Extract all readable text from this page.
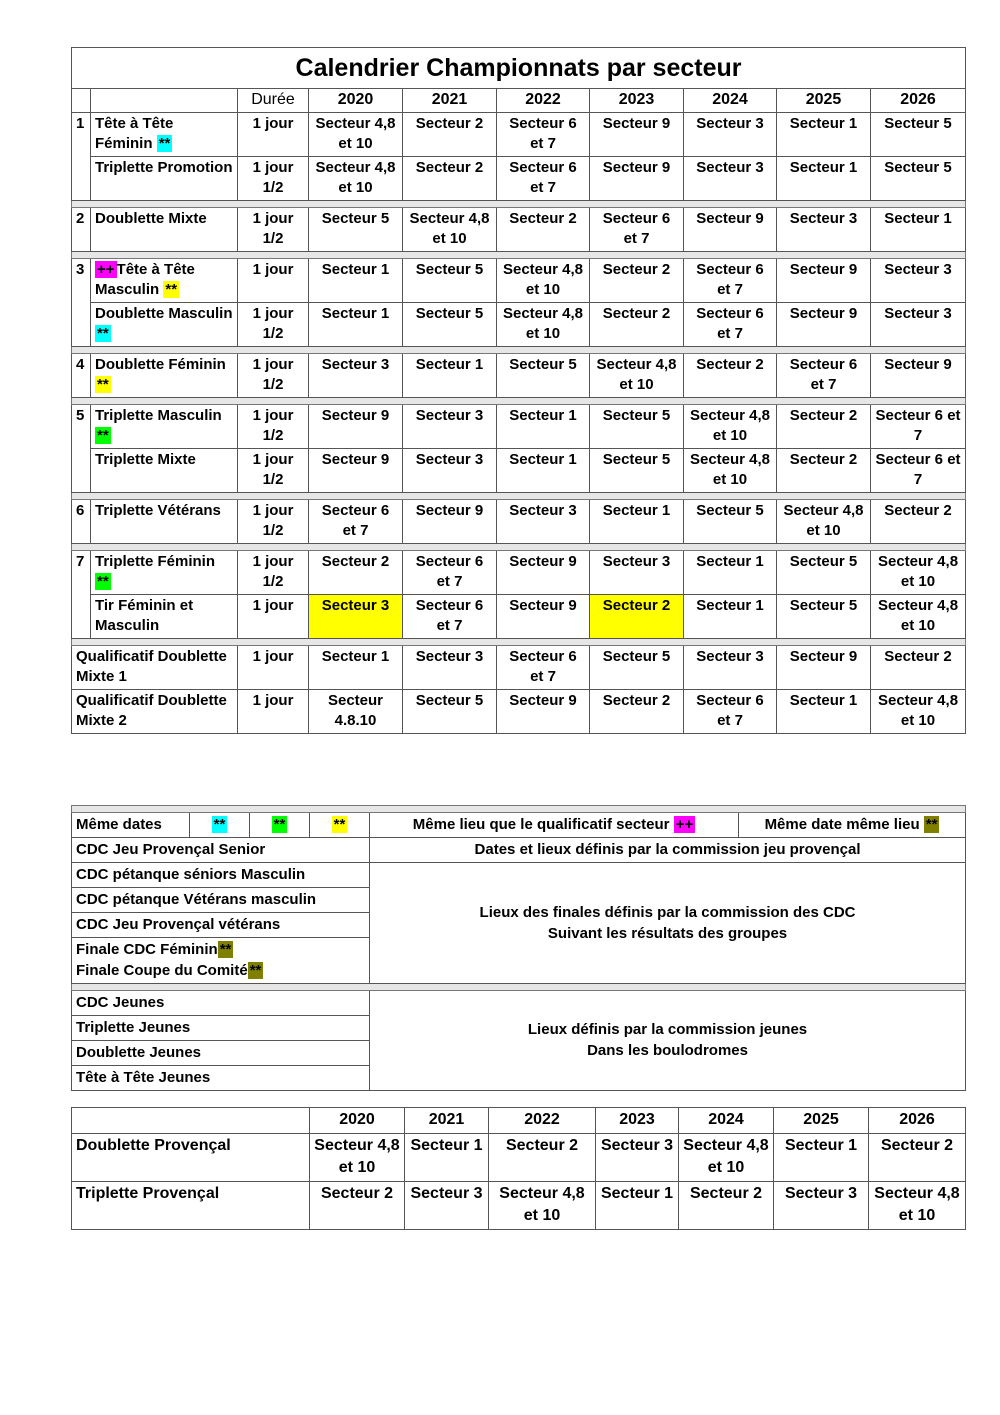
Calendrier Championnats par secteur									
		Durée	2020	2021	2022	2023	2024	2025	2026
1	Tête à Tête Féminin **	1 jour	Secteur 4,8 et 10	Secteur 2	Secteur 6 et 7	Secteur 9	Secteur 3	Secteur 1	Secteur 5
	Triplette Promotion	1 jour 1/2	Secteur 4,8 et 10	Secteur 2	Secteur 6 et 7	Secteur 9	Secteur 3	Secteur 1	Secteur 5

2	Doublette Mixte	1 jour 1/2	Secteur 5	Secteur 4,8 et 10	Secteur 2	Secteur 6 et 7	Secteur 9	Secteur 3	Secteur 1

3	++ Tête à Tête Masculin **	1 jour	Secteur 1	Secteur 5	Secteur 4,8 et 10	Secteur 2	Secteur 6 et 7	Secteur 9	Secteur 3
	Doublette Masculin **	1 jour 1/2	Secteur 1	Secteur 5	Secteur 4,8 et 10	Secteur 2	Secteur 6 et 7	Secteur 9	Secteur 3

4	Doublette Féminin **	1 jour 1/2	Secteur 3	Secteur 1	Secteur 5	Secteur 4,8 et 10	Secteur 2	Secteur 6 et 7	Secteur 9

5	Triplette Masculin **	1 jour 1/2	Secteur 9	Secteur 3	Secteur 1	Secteur 5	Secteur 4,8 et 10	Secteur 2	Secteur 6 et 7
	Triplette Mixte	1 jour 1/2	Secteur 9	Secteur 3	Secteur 1	Secteur 5	Secteur 4,8 et 10	Secteur 2	Secteur 6 et 7

6	Triplette Vétérans	1 jour 1/2	Secteur 6 et 7	Secteur 9	Secteur 3	Secteur 1	Secteur 5	Secteur 4,8 et 10	Secteur 2

7	Triplette Féminin **	1 jour 1/2	Secteur 2	Secteur 6 et 7	Secteur 9	Secteur 3	Secteur 1	Secteur 5	Secteur 4,8 et 10
	Tir Féminin et Masculin	1 jour	Secteur 3	Secteur 6 et 7	Secteur 9	Secteur 2	Secteur 1	Secteur 5	Secteur 4,8 et 10

Qualificatif Doublette Mixte 1		1 jour	Secteur 1	Secteur 3	Secteur 6 et 7	Secteur 5	Secteur 3	Secteur 9	Secteur 2
Qualificatif Doublette Mixte 2		1 jour	Secteur 4.8.10	Secteur 5	Secteur 9	Secteur 2	Secteur 6 et 7	Secteur 1	Secteur 4,8 et 10

Même dates	**	**	**	Même lieu que le qualificatif secteur ++	Même date même lieu **
CDC Jeu Provençal Senior				Dates et lieux définis par la commission jeu provençal	
CDC pétanque séniors Masculin				Lieux des finales définis par la commission des CDC
Suivant les résultats des groupes	

CDC pétanque Vétérans masculin					
CDC Jeu Provençal vétérans					

Finale CDC Féminin **
Finale Coupe du Comité **					

CDC Jeunes				Lieux définis par la commission jeunes
Dans les boulodromes	

Triplette Jeunes					
Doublette Jeunes					
Tête à Tête Jeunes					
	2020	2021	2022	2023	2024	2025	2026
Doublette Provençal	Secteur 4,8 et 10	Secteur 1	Secteur 2	Secteur 3	Secteur 4,8 et 10	Secteur 1	Secteur 2
Triplette Provençal	Secteur 2	Secteur 3	Secteur 4,8 et 10	Secteur 1	Secteur 2	Secteur 3	Secteur 4,8 et 10
